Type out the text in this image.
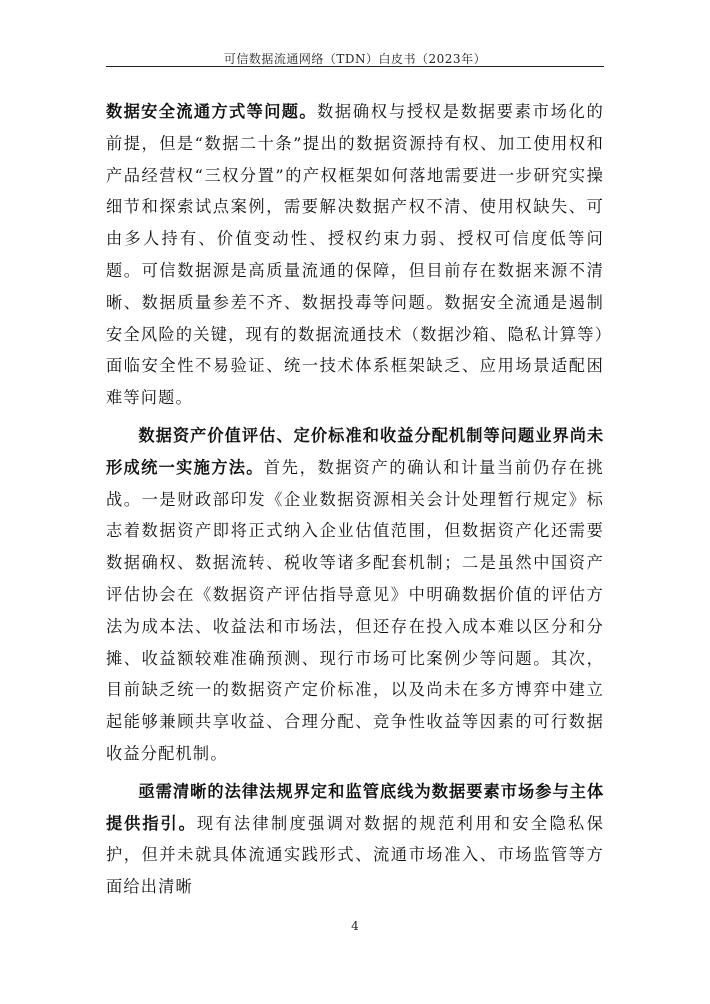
可信数据流通网络（TDN）白皮书（2023年）

数据安全流通方式等问题。数据确权与授权是数据要素市场化的前提，但是“数据二十条”提出的数据资源持有权、加工使用权和产品经营权“三权分置”的产权框架如何落地需要进一步研究实操细节和探索试点案例，需要解决数据产权不清、使用权缺失、可由多人持有、价值变动性、授权约束力弱、授权可信度低等问题。可信数据源是高质量流通的保障，但目前存在数据来源不清晰、数据质量参差不齐、数据投毒等问题。数据安全流通是遏制安全风险的关键，现有的数据流通技术（数据沙箱、隐私计算等）面临安全性不易验证、统一技术体系框架缺乏、应用场景适配困难等问题。

数据资产价值评估、定价标准和收益分配机制等问题业界尚未形成统一实施方法。首先，数据资产的确认和计量当前仍存在挑战。一是财政部印发《企业数据资源相关会计处理暂行规定》标志着数据资产即将正式纳入企业估值范围，但数据资产化还需要数据确权、数据流转、税收等诸多配套机制；二是虽然中国资产评估协会在《数据资产评估指导意见》中明确数据价值的评估方法为成本法、收益法和市场法，但还存在投入成本难以区分和分摊、收益额较难准确预测、现行市场可比案例少等问题。其次，目前缺乏统一的数据资产定价标准，以及尚未在多方博弈中建立起能够兼顾共享收益、合理分配、竞争性收益等因素的可行数据收益分配机制。

亟需清晰的法律法规界定和监管底线为数据要素市场参与主体提供指引。现有法律制度强调对数据的规范利用和安全隐私保护，但并未就具体流通实践形式、流通市场准入、市场监管等方面给出清晰

4
